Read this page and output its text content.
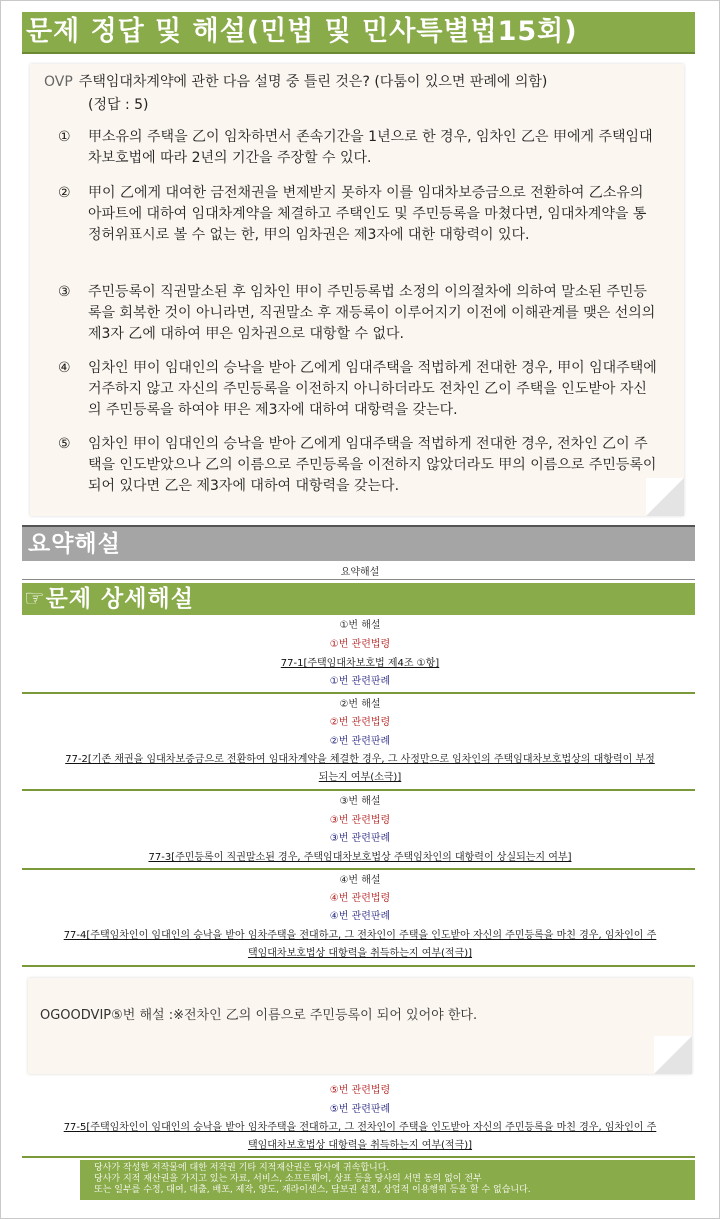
문제 정답 및 해설(민법 및 민사특별법15회)
OVP 주택임대차계약에 관한 다음 설명 중 틀린 것은? (다툼이 있으면 판례에 의함)
(정답 : 5)
①	甲소유의 주택을 乙이 임차하면서 존속기간을 1년으로 한 경우, 임차인 乙은 甲에게 주택임대차보호법에 따라 2년의 기간을 주장할 수 있다.
②	甲이 乙에게 대여한 금전채권을 변제받지 못하자 이를 임대차보증금으로 전환하여 乙소유의 아파트에 대하여 임대차계약을 체결하고 주택인도 및 주민등록을 마쳤다면, 임대차계약을 통정허위표시로 볼 수 없는 한, 甲의 임차권은 제3자에 대한 대항력이 있다.
③	주민등록이 직권말소된 후 임차인 甲이 주민등록법 소정의 이의절차에 의하여 말소된 주민등록을 회복한 것이 아니라면, 직권말소 후 재등록이 이루어지기 이전에 이해관계를 맺은 선의의 제3자 乙에 대하여 甲은 임차권으로 대항할 수 없다.
④	임차인 甲이 임대인의 승낙을 받아 乙에게 임대주택을 적법하게 전대한 경우, 甲이 임대주택에 거주하지 않고 자신의 주민등록을 이전하지 아니하더라도 전차인 乙이 주택을 인도받아 자신의 주민등록을 하여야 甲은 제3자에 대하여 대항력을 갖는다.
⑤	임차인 甲이 임대인의 승낙을 받아 乙에게 임대주택을 적법하게 전대한 경우, 전차인 乙이 주택을 인도받았으나 乙의 이름으로 주민등록을 이전하지 않았더라도 甲의 이름으로 주민등록이 되어 있다면 乙은 제3자에 대하여 대항력을 갖는다.
요약해설
요약해설
☞문제 상세해설
①번 해설
①번 관련법령
77-1[주택임대차보호법 제4조 ①항]
①번 관련판례
②번 해설
②번 관련법령
②번 관련판례
77-2[기존 채권을 임대차보증금으로 전환하여 임대차계약을 체결한 경우, 그 사정만으로 임차인의 주택임대차보호법상의 대항력이 부정
되는지 여부(소극)]
③번 해설
③번 관련법령
③번 관련판례
77-3[주민등록이 직권말소된 경우, 주택임대차보호법상 주택임차인의 대항력이 상실되는지 여부]
④번 해설
④번 관련법령
④번 관련판례
77-4[주택임차인이 임대인의 승낙을 받아 임차주택을 전대하고, 그 전차인이 주택을 인도받아 자신의 주민등록을 마친 경우, 임차인이 주
택임대차보호법상 대항력을 취득하는지 여부(적극)]
OGOODVIP⑤번 해설 :※전차인 乙의 이름으로 주민등록이 되어 있어야 한다.
⑤번 관련법령
⑤번 관련판례
77-5[주택임차인이 임대인의 승낙을 받아 임차주택을 전대하고, 그 전차인이 주택을 인도받아 자신의 주민등록을 마친 경우, 임차인이 주
택임대차보호법상 대항력을 취득하는지 여부(적극)]
당사가 작성한 저작물에 대한 저작권 기타 지적재산권은 당사에 귀속합니다.
당사가 지적 재산권을 가지고 있는 자료, 서비스, 소프트웨어, 상표 등을 당사의 서면 동의 없이 전부
또는 일부를 수정, 대여, 대출, 배포, 제작, 양도, 재라이센스, 담보권 설정, 상업적 이용행위 등을 할 수 없습니다.
